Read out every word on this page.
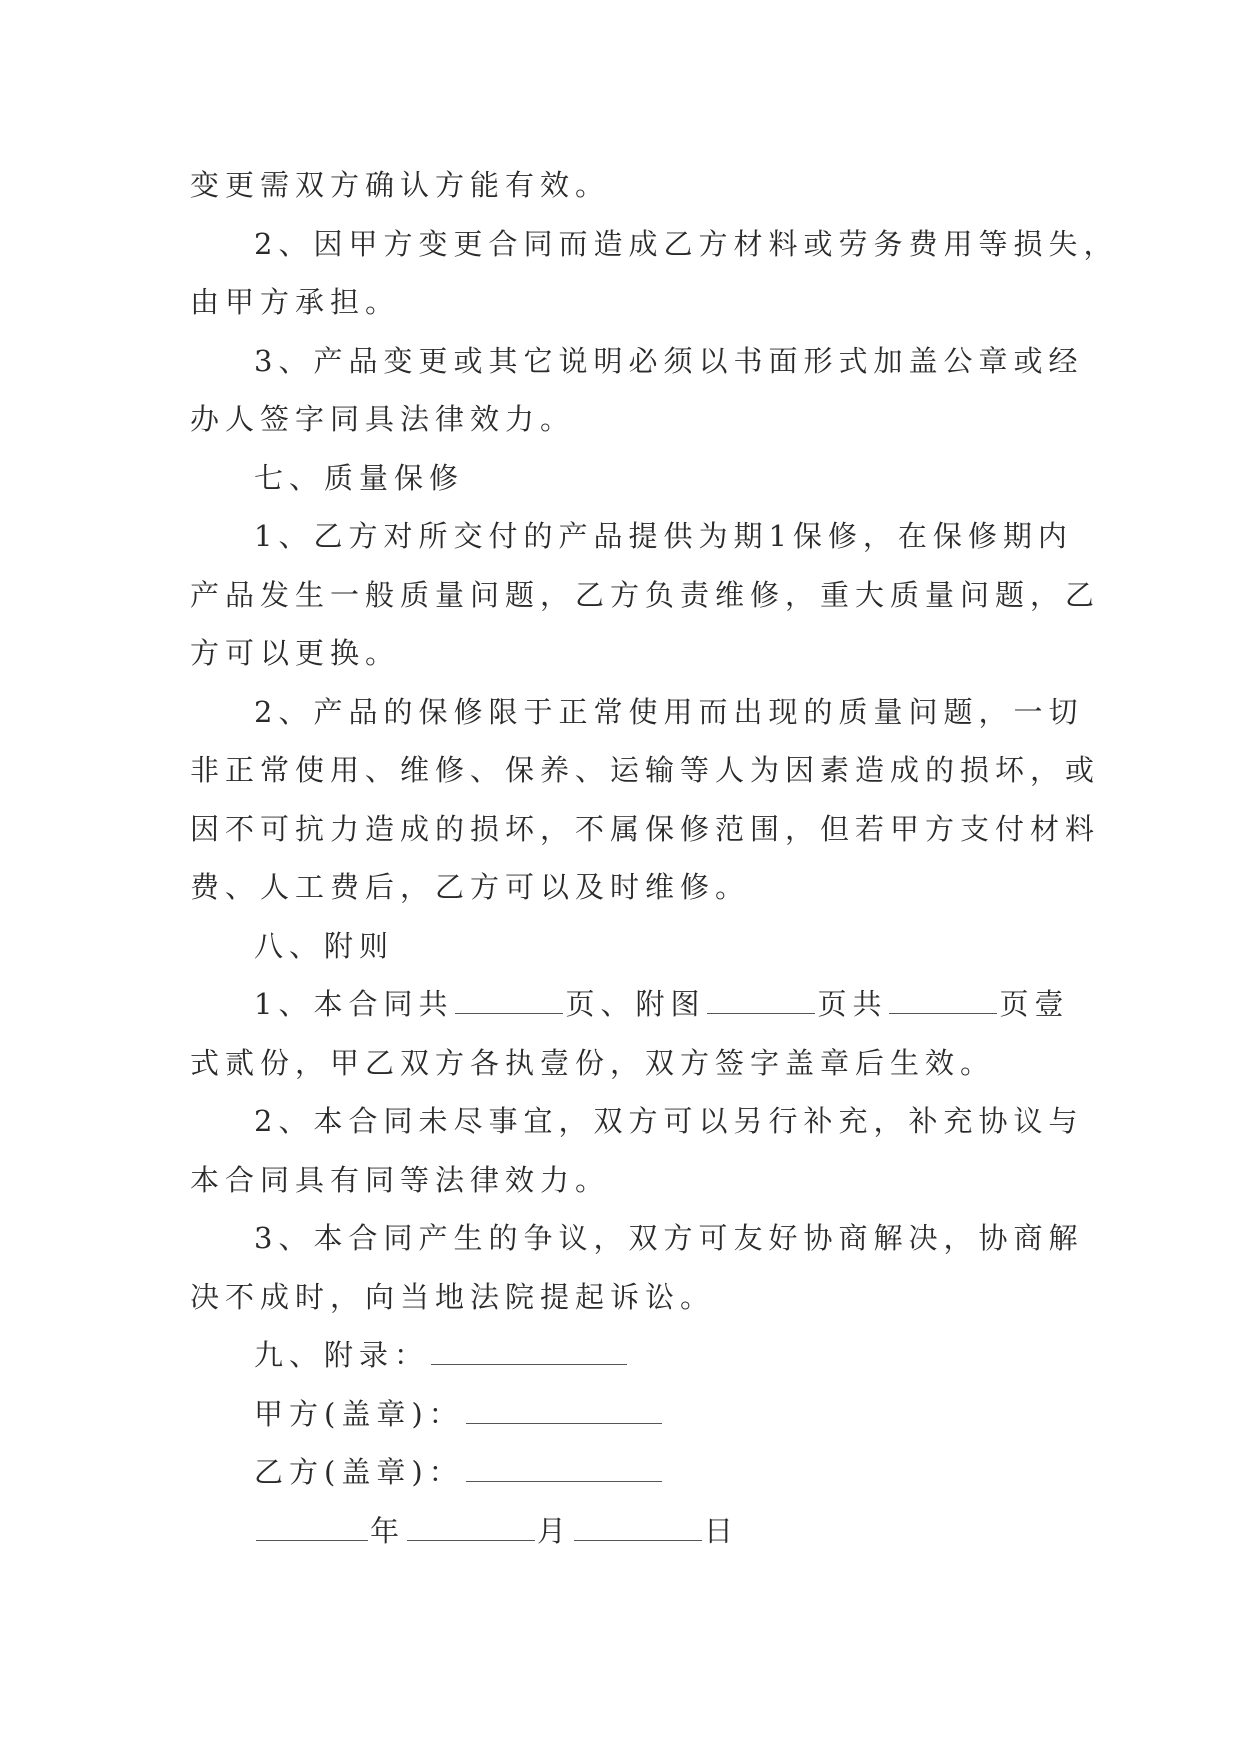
变更需双方确认方能有效。
2、因甲方变更合同而造成乙方材料或劳务费用等损失，
由甲方承担。
3、产品变更或其它说明必须以书面形式加盖公章或经
办人签字同具法律效力。
七、质量保修
1、乙方对所交付的产品提供为期1保修，在保修期内
产品发生一般质量问题，乙方负责维修，重大质量问题，乙
方可以更换。
2、产品的保修限于正常使用而出现的质量问题，一切
非正常使用、维修、保养、运输等人为因素造成的损坏，或
因不可抗力造成的损坏，不属保修范围，但若甲方支付材料
费、人工费后，乙方可以及时维修。
八、附则
1、本合同共	页、附图	页共	页壹
式贰份，甲乙双方各执壹份，双方签字盖章后生效。
2、本合同未尽事宜，双方可以另行补充，补充协议与
本合同具有同等法律效力。
3、本合同产生的争议，双方可友好协商解决，协商解
决不成时，向当地法院提起诉讼。
九、附录：
甲方(盖章)：
乙方(盖章)：
年	月	日
